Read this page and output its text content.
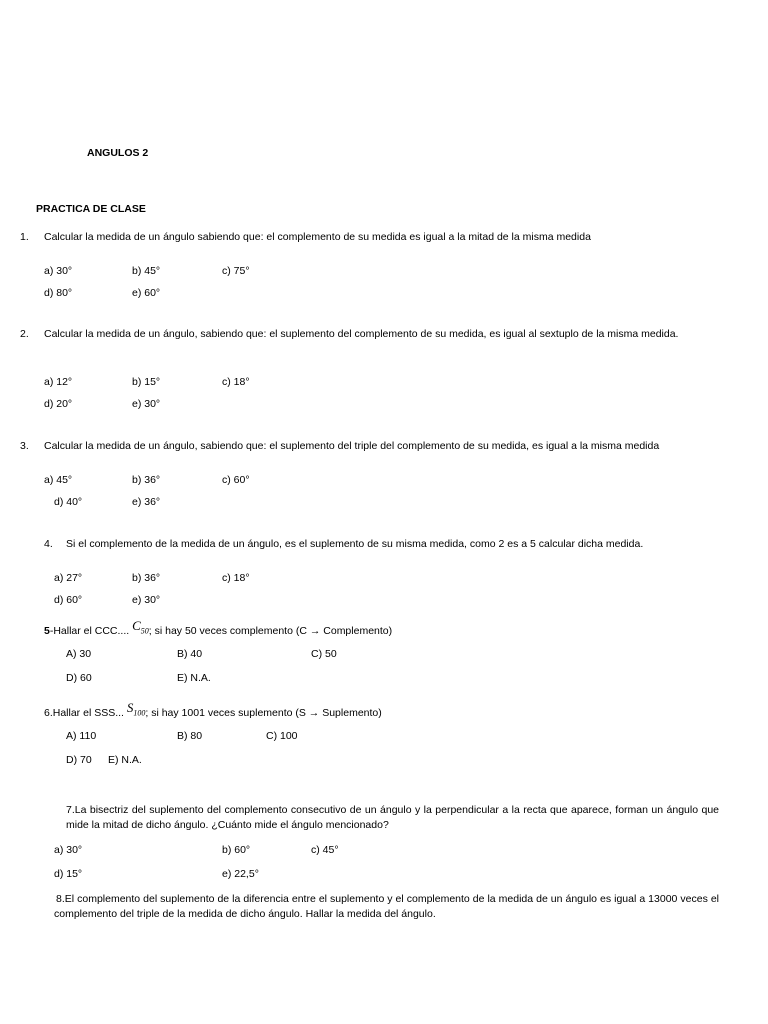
ANGULOS 2
PRACTICA DE CLASE
1. Calcular la medida de un ángulo sabiendo que: el complemento de su medida es igual a la mitad de la misma medida
a) 30°	b) 45°	c) 75°
d) 80°	e) 60°
2. Calcular la medida de un ángulo, sabiendo que: el suplemento del complemento de su medida, es igual al sextuplo de la misma medida.
a) 12°	b) 15°	c) 18°
d) 20°	e) 30°
3. Calcular la medida de un ángulo, sabiendo que: el suplemento del triple del complemento de su medida, es igual a la misma medida
a) 45°	b) 36°	c) 60°
d) 40°	e) 36°
4. Si el complemento de la medida de un ángulo, es el suplemento de su misma medida, como 2 es a 5 calcular dicha medida.
a) 27°	b) 36°	c) 18°
d) 60°	e) 30°
5-Hallar el CCC.... $C_{50}$; si hay 50 veces complemento (C → Complemento)
A) 30	B) 40	C) 50
D) 60	E) N.A.
6.Hallar el SSS... $S_{100}$; si hay 1001 veces suplemento (S → Suplemento)
A) 110	B) 80	C) 100
D) 70 E) N.A.
7.La bisectriz del suplemento del complemento consecutivo de un ángulo y la perpendicular a la recta que aparece, forman un ángulo que mide la mitad de dicho ángulo. ¿Cuánto mide el ángulo mencionado?
a) 30°	b) 60°	c) 45°
d) 15°	e) 22,5°
8.El complemento del suplemento de la diferencia entre el suplemento y el complemento de la medida de un ángulo es igual a 13000 veces el complemento del triple de la medida de dicho ángulo. Hallar la medida del ángulo.
